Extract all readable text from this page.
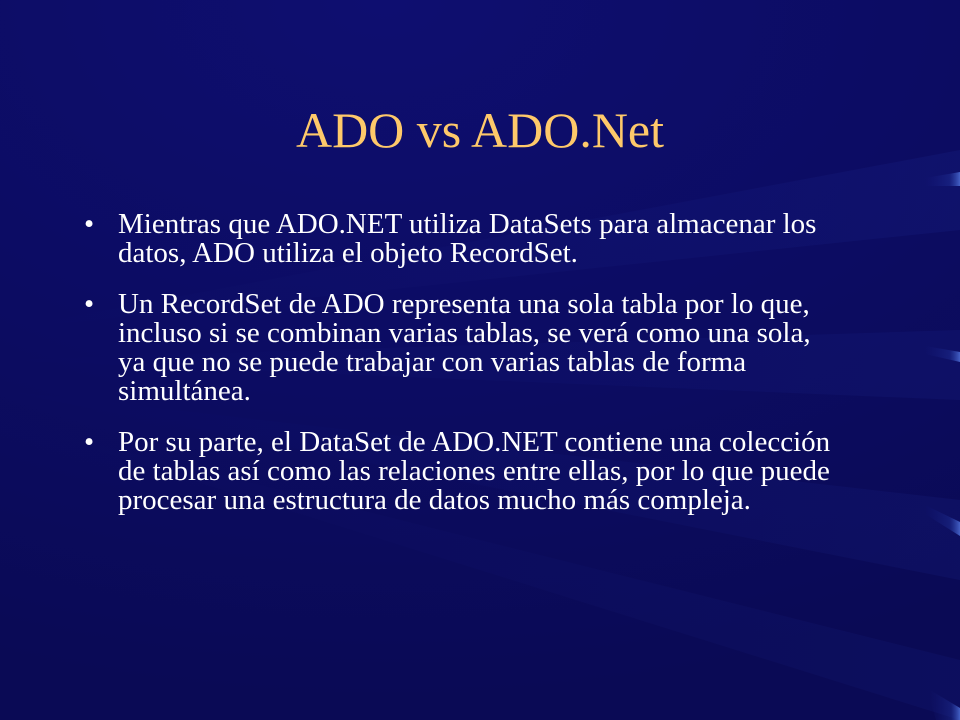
ADO vs ADO.Net
• Mientras que ADO.NET utiliza DataSets para almacenar los datos, ADO utiliza el objeto RecordSet.
• Un RecordSet de ADO representa una sola tabla por lo que, incluso si se combinan varias tablas, se verá como una sola, ya que no se puede trabajar con varias tablas de forma simultánea.
• Por su parte, el DataSet de ADO.NET contiene una colección de tablas así como las relaciones entre ellas, por lo que puede procesar una estructura de datos mucho más compleja.
